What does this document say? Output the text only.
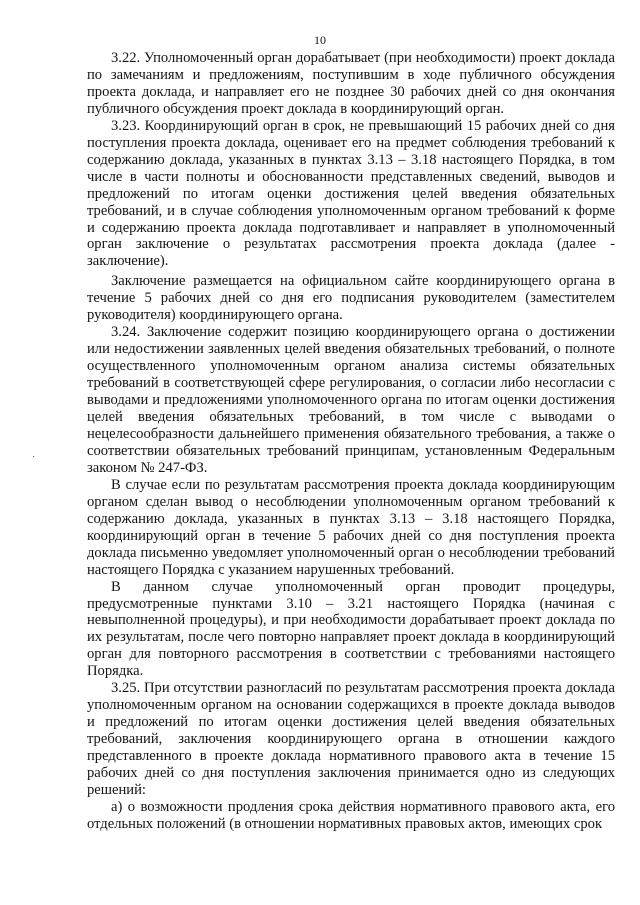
10
˙

3.22. Уполномоченный орган дорабатывает (при необходимости) проект доклада по замечаниям и предложениям, поступившим в ходе публичного обсуждения проекта доклада, и направляет его не позднее 30 рабочих дней со дня окончания публичного обсуждения проект доклада в координирующий орган.

3.23. Координирующий орган в срок, не превышающий 15 рабочих дней со дня поступления проекта доклада, оценивает его на предмет соблюдения требований к содержанию доклада, указанных в пунктах 3.13 – 3.18 настоящего Порядка, в том числе в части полноты и обоснованности представленных сведений, выводов и предложений по итогам оценки достижения целей введения обязательных требований, и в случае соблюдения уполномоченным органом требований к форме и содержанию проекта доклада подготавливает и направляет в уполномоченный орган заключение о результатах рассмотрения проекта доклада (далее - заключение).

Заключение размещается на официальном сайте координирующего органа в течение 5 рабочих дней со дня его подписания руководителем (заместителем руководителя) координирующего органа.

3.24. Заключение содержит позицию координирующего органа о достижении или недостижении заявленных целей введения обязательных требований, о полноте осуществленного уполномоченным органом анализа системы обязательных требований в соответствующей сфере регулирования, о согласии либо несогласии с выводами и предложениями уполномоченного органа по итогам оценки достижения целей введения обязательных требований, в том числе с выводами о нецелесообразности дальнейшего применения обязательного требования, а также о соответствии обязательных требований принципам, установленным Федеральным законом № 247-ФЗ.

В случае если по результатам рассмотрения проекта доклада координирующим органом сделан вывод о несоблюдении уполномоченным органом требований к содержанию доклада, указанных в пунктах 3.13 – 3.18 настоящего Порядка, координирующий орган в течение 5 рабочих дней со дня поступления проекта доклада письменно уведомляет уполномоченный орган о несоблюдении требований настоящего Порядка с указанием нарушенных требований.

В данном случае уполномоченный орган проводит процедуры, предусмотренные пунктами 3.10 – 3.21 настоящего Порядка (начиная с невыполненной процедуры), и при необходимости дорабатывает проект доклада по их результатам, после чего повторно направляет проект доклада в координирующий орган для повторного рассмотрения в соответствии с требованиями настоящего Порядка.

3.25. При отсутствии разногласий по результатам рассмотрения проекта доклада уполномоченным органом на основании содержащихся в проекте доклада выводов и предложений по итогам оценки достижения целей введения обязательных требований, заключения координирующего органа в отношении каждого представленного в проекте доклада нормативного правового акта в течение 15 рабочих дней со дня поступления заключения принимается одно из следующих решений:

а) о возможности продления срока действия нормативного правового акта, его отдельных положений (в отношении нормативных правовых актов, имеющих срок
